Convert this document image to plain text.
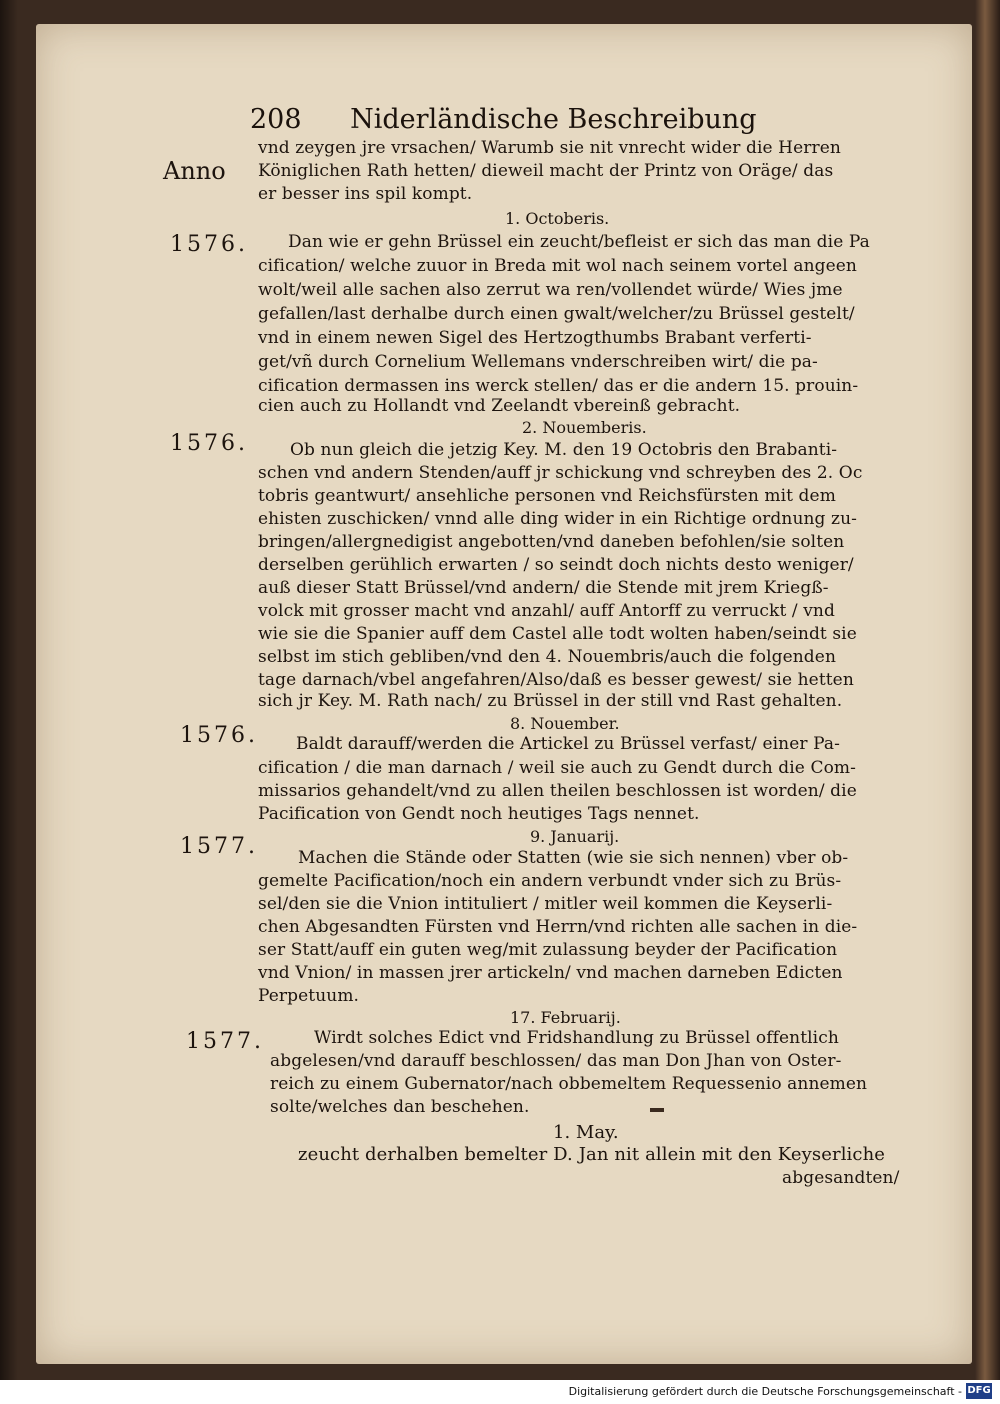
208 Niderländische Beschreibung
Anno
vnd zeygen jre vrsachen/ Warumb sie nit vnrecht wider die Herren
Königlichen Rath hetten/ dieweil macht der Printz von Oräge/ das
er besser ins spil kompt.
1. Octoberis.
1576. Dan wie er gehn Brüssel ein zeucht/befleist er sich das man die Pa
cification/ welche zuuor in Breda mit wol nach seinem vortel angeen
wolt/weil alle sachen also zerrut wa ren/vollendet würde/ Wies jme
gefallen/last derhalbe durch einen gwalt/welcher/zu Brüssel gestelt/
vnd in einem newen Sigel des Hertzogthumbs Brabant verferti-
get/vñ durch Cornelium Wellemans vnderschreiben wirt/ die pa-
cification dermassen ins werck stellen/ das er die andern 15. prouin-
cien auch zu Hollandt vnd Zeelandt vbereinß gebracht.
2. Nouemberis.
1576. Ob nun gleich die jetzig Key. M. den 19 Octobris den Brabanti-
schen vnd andern Stenden/auff jr schickung vnd schreyben des 2. Oc
tobris geantwurt/ ansehliche personen vnd Reichsfürsten mit dem
ehisten zuschicken/ vnnd alle ding wider in ein Richtige ordnung zu-
bringen/allergnedigist angebotten/vnd daneben befohlen/sie solten
derselben gerühlich erwarten / so seindt doch nichts desto weniger/
auß dieser Statt Brüssel/vnd andern/ die Stende mit jrem Kriegß-
volck mit grosser macht vnd anzahl/ auff Antorff zu verruckt / vnd
wie sie die Spanier auff dem Castel alle todt wolten haben/seindt sie
selbst im stich gebliben/vnd den 4. Nouembris/auch die folgenden
tage darnach/vbel angefahren/Also/daß es besser gewest/ sie hetten
sich jr Key. M. Rath nach/ zu Brüssel in der still vnd Rast gehalten.
8. Nouember.
1576. Baldt darauff/werden die Artickel zu Brüssel verfast/ einer Pa-
cification / die man darnach / weil sie auch zu Gendt durch die Com-
missarios gehandelt/vnd zu allen theilen beschlossen ist worden/ die
Pacification von Gendt noch heutiges Tags nennet.
9. Januarij.
1577. Machen die Stände oder Statten (wie sie sich nennen) vber ob-
gemelte Pacification/noch ein andern verbundt vnder sich zu Brüs-
sel/den sie die Vnion intituliert / mitler weil kommen die Keyserli-
chen Abgesandten Fürsten vnd Herrn/vnd richten alle sachen in die-
ser Statt/auff ein guten weg/mit zulassung beyder der Pacification
vnd Vnion/ in massen jrer artickeln/ vnd machen darneben Edicten
Perpetuum.
17. Februarij.
1577.	Wirdt solches Edict vnd Fridshandlung zu Brüssel offentlich
abgelesen/vnd darauff beschlossen/ das man Don Jhan von Oster-
reich zu einem Gubernator/nach obbemeltem Requessenio annemen
solte/welches dan beschehen.
1. May.
zeucht derhalben bemelter D. Jan nit allein mit den Keyserliche
abgesandten/
Digitalisierung gefördert durch die Deutsche Forschungsgemeinschaft - DFG
